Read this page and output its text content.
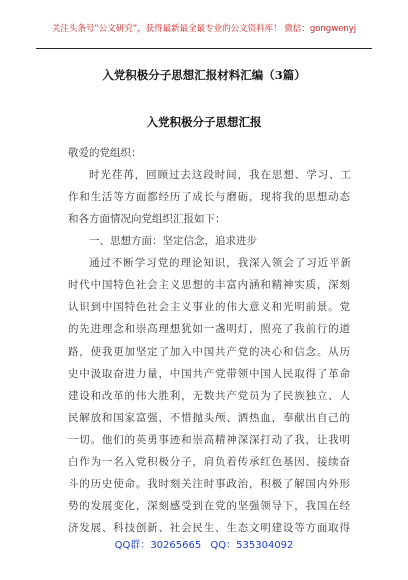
关注头条号“公文研究”，获得最新最全最专业的公文资料库！ 微信：gongwenyj
入党积极分子思想汇报材料汇编（3篇）
入党积极分子思想汇报
敬爱的党组织：
时光荏苒，回顾过去这段时间，我在思想、学习、工
作和生活等方面都经历了成长与磨砺，现将我的思想动态
和各方面情况向党组织汇报如下：
一、思想方面：坚定信念，追求进步
通过不断学习党的理论知识，我深入领会了习近平新
时代中国特色社会主义思想的丰富内涵和精神实质，深刻
认识到中国特色社会主义事业的伟大意义和光明前景。党
的先进理念和崇高理想犹如一盏明灯，照亮了我前行的道
路，使我更加坚定了加入中国共产党的决心和信念。从历
史中汲取奋进力量，中国共产党带领中国人民取得了革命
建设和改革的伟大胜利，无数共产党员为了民族独立、人
民解放和国家富强，不惜抛头颅、洒热血，奉献出自己的
一切。他们的英勇事迹和崇高精神深深打动了我，让我明
白作为一名入党积极分子，肩负着传承红色基因、接续奋
斗的历史使命。我时刻关注时事政治，积极了解国内外形
势的发展变化，深刻感受到在党的坚强领导下，我国在经
济发展、科技创新、社会民生、生态文明建设等方面取得
QQ群：30265665 QQ：535304092
